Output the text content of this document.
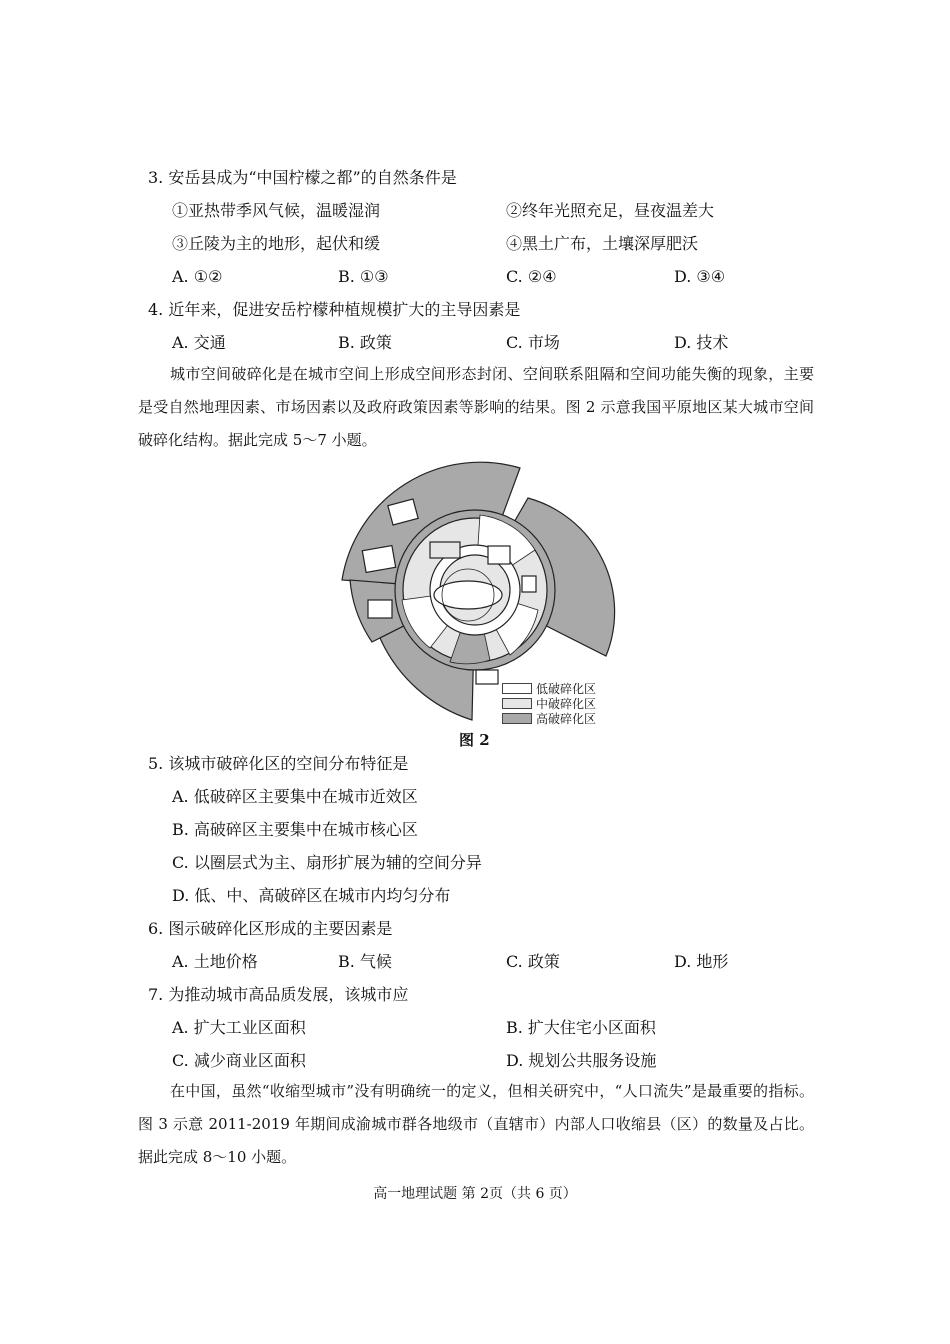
3. 安岳县成为“中国柠檬之都”的自然条件是
①亚热带季风气候，温暖湿润	②终年光照充足，昼夜温差大
③丘陵为主的地形，起伏和缓	④黑土广布，土壤深厚肥沃
A. ①②	B. ①③	C. ②④	D. ③④
4. 近年来，促进安岳柠檬种植规模扩大的主导因素是
A. 交通	B. 政策	C. 市场	D. 技术
城市空间破碎化是在城市空间上形成空间形态封闭、空间联系阻隔和空间功能失衡的现象，主要是受自然地理因素、市场因素以及政府政策因素等影响的结果。图 2 示意我国平原地区某大城市空间破碎化结构。据此完成 5～7 小题。
低破碎化区
中破碎化区
高破碎化区
图 2
5. 该城市破碎化区的空间分布特征是
A. 低破碎区主要集中在城市近效区
B. 高破碎区主要集中在城市核心区
C. 以圈层式为主、扇形扩展为辅的空间分异
D. 低、中、高破碎区在城市内均匀分布
6. 图示破碎化区形成的主要因素是
A. 土地价格	B. 气候	C. 政策	D. 地形
7. 为推动城市高品质发展，该城市应
A. 扩大工业区面积	B. 扩大住宅小区面积
C. 减少商业区面积	D. 规划公共服务设施
在中国，虽然“收缩型城市”没有明确统一的定义，但相关研究中，“人口流失”是最重要的指标。图 3 示意 2011-2019 年期间成渝城市群各地级市（直辖市）内部人口收缩县（区）的数量及占比。据此完成 8～10 小题。
高一地理试题 第 2页（共 6 页）
